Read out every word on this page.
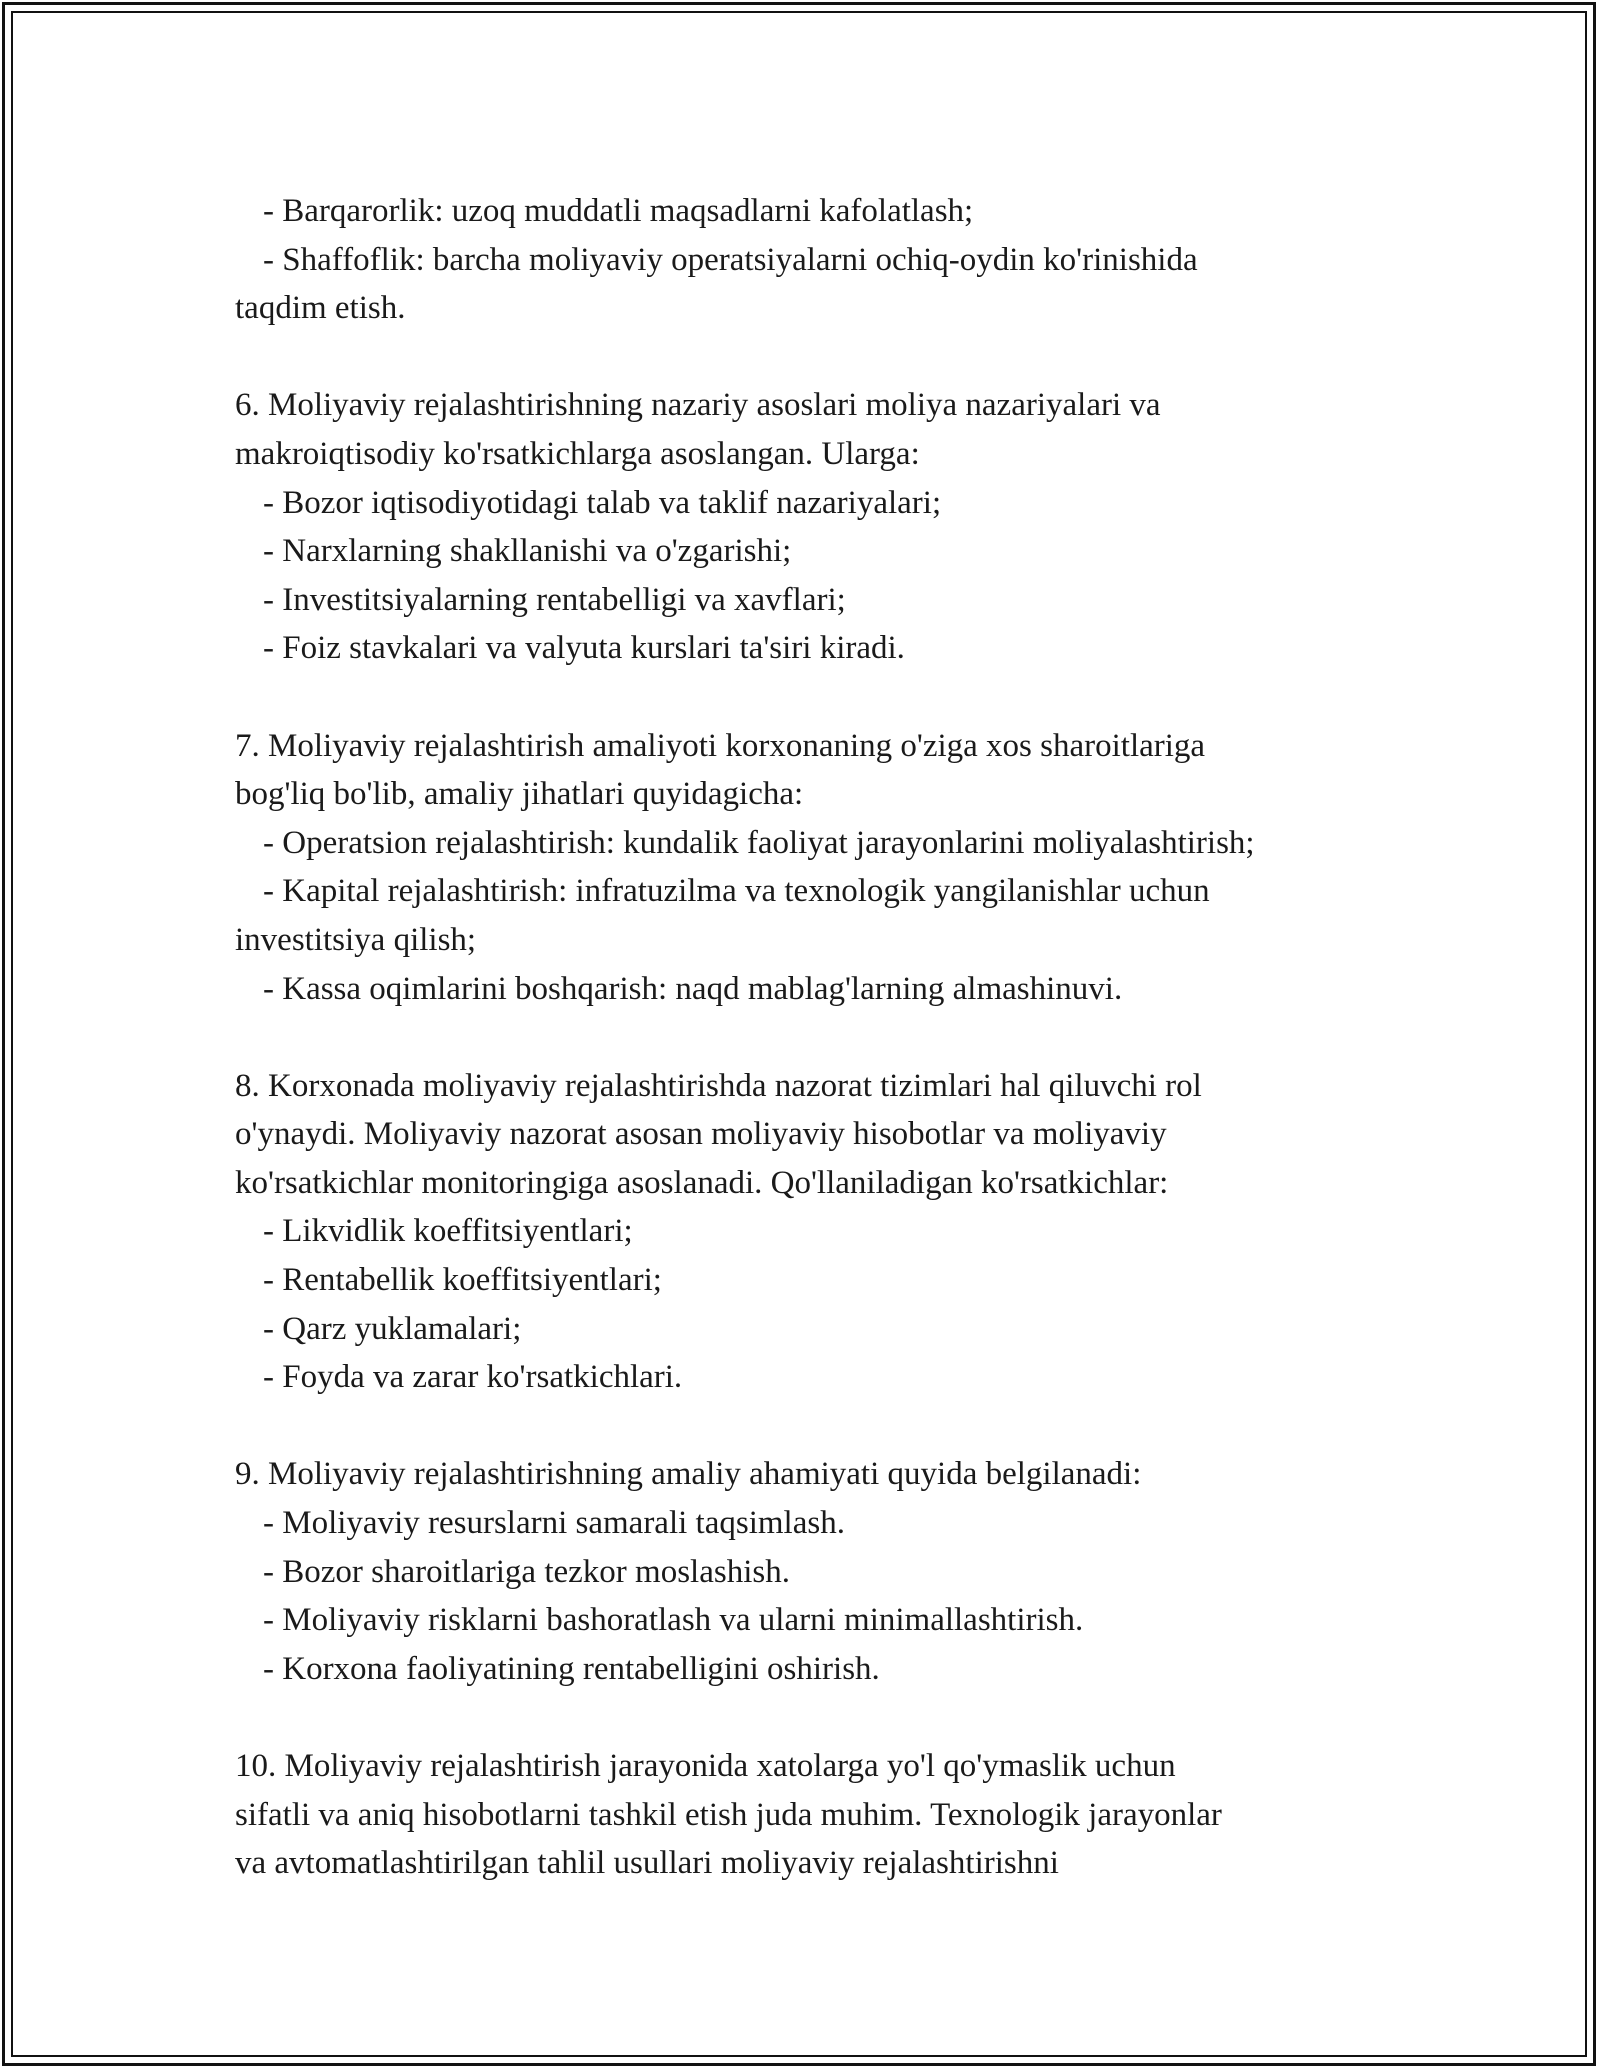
- Barqarorlik: uzoq muddatli maqsadlarni kafolatlash;
- Shaffoflik: barcha moliyaviy operatsiyalarni ochiq-oydin ko'rinishida
taqdim etish.
6. Moliyaviy rejalashtirishning nazariy asoslari moliya nazariyalari va
makroiqtisodiy ko'rsatkichlarga asoslangan. Ularga:
- Bozor iqtisodiyotidagi talab va taklif nazariyalari;
- Narxlarning shakllanishi va o'zgarishi;
- Investitsiyalarning rentabelligi va xavflari;
- Foiz stavkalari va valyuta kurslari ta'siri kiradi.
7. Moliyaviy rejalashtirish amaliyoti korxonaning o'ziga xos sharoitlariga
bog'liq bo'lib, amaliy jihatlari quyidagicha:
- Operatsion rejalashtirish: kundalik faoliyat jarayonlarini moliyalashtirish;
- Kapital rejalashtirish: infratuzilma va texnologik yangilanishlar uchun
investitsiya qilish;
- Kassa oqimlarini boshqarish: naqd mablag'larning almashinuvi.
8. Korxonada moliyaviy rejalashtirishda nazorat tizimlari hal qiluvchi rol
o'ynaydi. Moliyaviy nazorat asosan moliyaviy hisobotlar va moliyaviy
ko'rsatkichlar monitoringiga asoslanadi. Qo'llaniladigan ko'rsatkichlar:
- Likvidlik koeffitsiyentlari;
- Rentabellik koeffitsiyentlari;
- Qarz yuklamalari;
- Foyda va zarar ko'rsatkichlari.
9. Moliyaviy rejalashtirishning amaliy ahamiyati quyida belgilanadi:
- Moliyaviy resurslarni samarali taqsimlash.
- Bozor sharoitlariga tezkor moslashish.
- Moliyaviy risklarni bashoratlash va ularni minimallashtirish.
- Korxona faoliyatining rentabelligini oshirish.
10. Moliyaviy rejalashtirish jarayonida xatolarga yo'l qo'ymaslik uchun
sifatli va aniq hisobotlarni tashkil etish juda muhim. Texnologik jarayonlar
va avtomatlashtirilgan tahlil usullari moliyaviy rejalashtirishni
